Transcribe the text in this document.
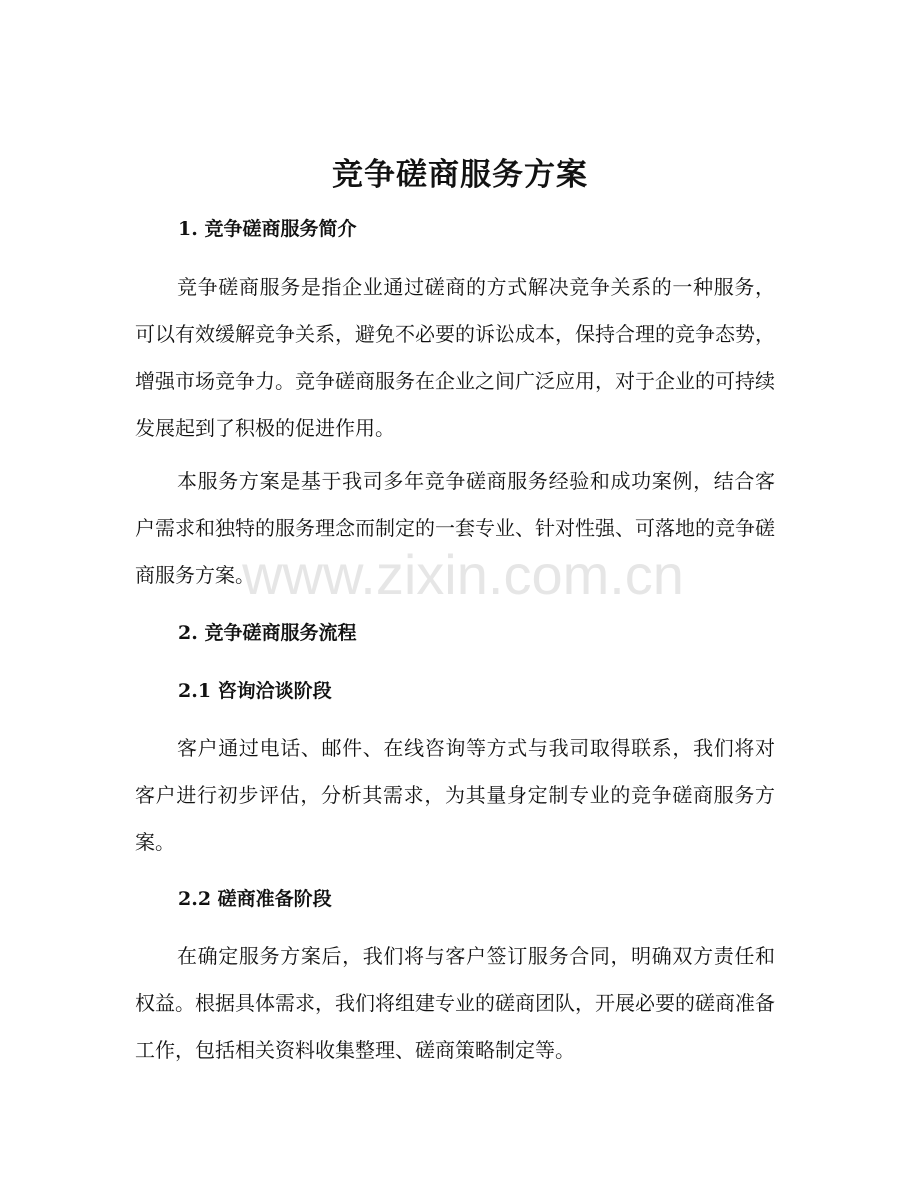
竞争磋商服务方案
1. 竞争磋商服务简介
竞争磋商服务是指企业通过磋商的方式解决竞争关系的一种服务，可以有效缓解竞争关系，避免不必要的诉讼成本，保持合理的竞争态势，增强市场竞争力。竞争磋商服务在企业之间广泛应用，对于企业的可持续发展起到了积极的促进作用。
本服务方案是基于我司多年竞争磋商服务经验和成功案例，结合客户需求和独特的服务理念而制定的一套专业、针对性强、可落地的竞争磋商服务方案。
2. 竞争磋商服务流程
2.1 咨询洽谈阶段
客户通过电话、邮件、在线咨询等方式与我司取得联系，我们将对客户进行初步评估，分析其需求，为其量身定制专业的竞争磋商服务方案。
2.2 磋商准备阶段
在确定服务方案后，我们将与客户签订服务合同，明确双方责任和权益。根据具体需求，我们将组建专业的磋商团队，开展必要的磋商准备工作，包括相关资料收集整理、磋商策略制定等。
www.zixin.com.cn
